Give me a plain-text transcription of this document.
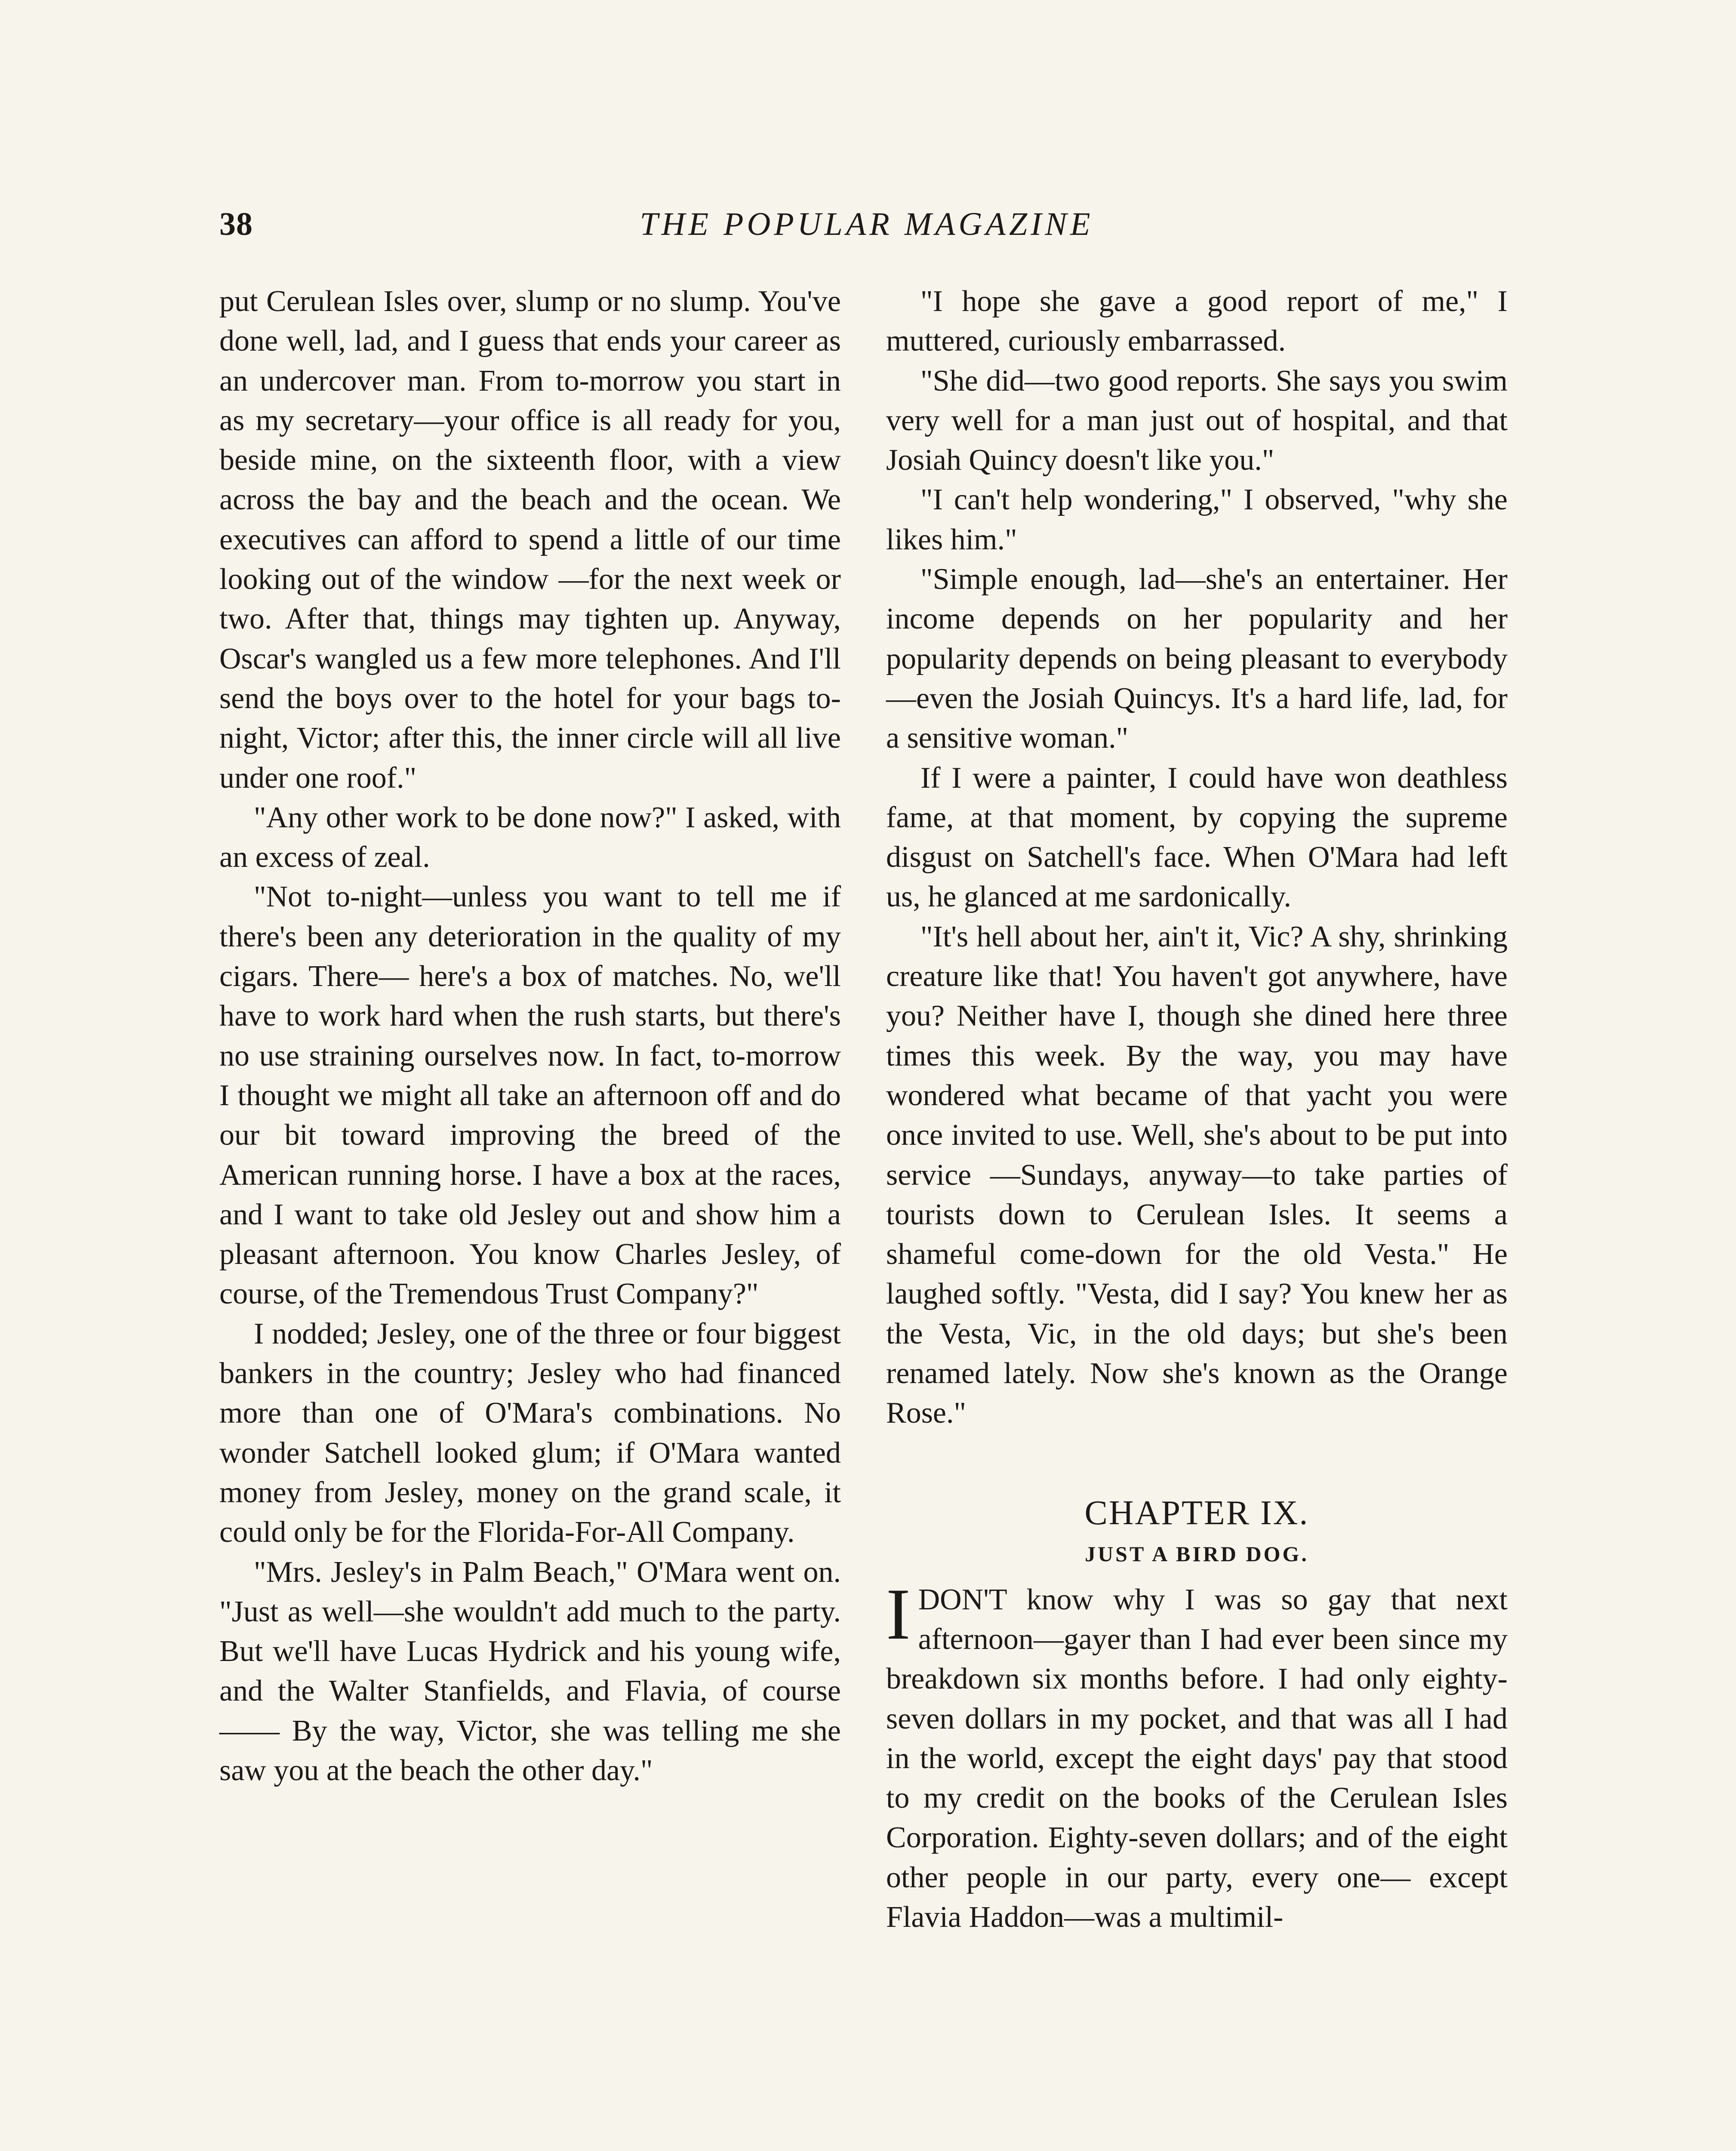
38	THE POPULAR MAGAZINE

put Cerulean Isles over, slump or no slump. You've done well, lad, and I guess that ends your career as an undercover man. From to-morrow you start in as my secretary—your office is all ready for you, beside mine, on the sixteenth floor, with a view across the bay and the beach and the ocean. We executives can afford to spend a little of our time looking out of the window —for the next week or two. After that, things may tighten up. Anyway, Oscar's wangled us a few more telephones. And I'll send the boys over to the hotel for your bags to-night, Victor; after this, the inner circle will all live under one roof."

"Any other work to be done now?" I asked, with an excess of zeal.

"Not to-night—unless you want to tell me if there's been any deterioration in the quality of my cigars. There— here's a box of matches. No, we'll have to work hard when the rush starts, but there's no use straining ourselves now. In fact, to-morrow I thought we might all take an afternoon off and do our bit toward improving the breed of the American running horse. I have a box at the races, and I want to take old Jesley out and show him a pleasant afternoon. You know Charles Jesley, of course, of the Tremendous Trust Company?"

I nodded; Jesley, one of the three or four biggest bankers in the country; Jesley who had financed more than one of O'Mara's combinations. No wonder Satchell looked glum; if O'Mara wanted money from Jesley, money on the grand scale, it could only be for the Florida-For-All Company.

"Mrs. Jesley's in Palm Beach," O'Mara went on. "Just as well—she wouldn't add much to the party. But we'll have Lucas Hydrick and his young wife, and the Walter Stanfields, and Flavia, of course—— By the way, Victor, she was telling me she saw you at the beach the other day."

"I hope she gave a good report of me," I muttered, curiously embarrassed.

"She did—two good reports. She says you swim very well for a man just out of hospital, and that Josiah Quincy doesn't like you."

"I can't help wondering," I observed, "why she likes him."

"Simple enough, lad—she's an entertainer. Her income depends on her popularity and her popularity depends on being pleasant to everybody—even the Josiah Quincys. It's a hard life, lad, for a sensitive woman."

If I were a painter, I could have won deathless fame, at that moment, by copying the supreme disgust on Satchell's face. When O'Mara had left us, he glanced at me sardonically.

"It's hell about her, ain't it, Vic? A shy, shrinking creature like that! You haven't got anywhere, have you? Neither have I, though she dined here three times this week. By the way, you may have wondered what became of that yacht you were once invited to use. Well, she's about to be put into service —Sundays, anyway—to take parties of tourists down to Cerulean Isles. It seems a shameful come-down for the old Vesta." He laughed softly. "Vesta, did I say? You knew her as the Vesta, Vic, in the old days; but she's been renamed lately. Now she's known as the Orange Rose."

CHAPTER IX.
JUST A BIRD DOG.

IDON'T know why I was so gay that next afternoon—gayer than I had ever been since my breakdown six months before. I had only eighty-seven dollars in my pocket, and that was all I had in the world, except the eight days' pay that stood to my credit on the books of the Cerulean Isles Corporation. Eighty-seven dollars; and of the eight other people in our party, every one— except Flavia Haddon—was a multimil-
